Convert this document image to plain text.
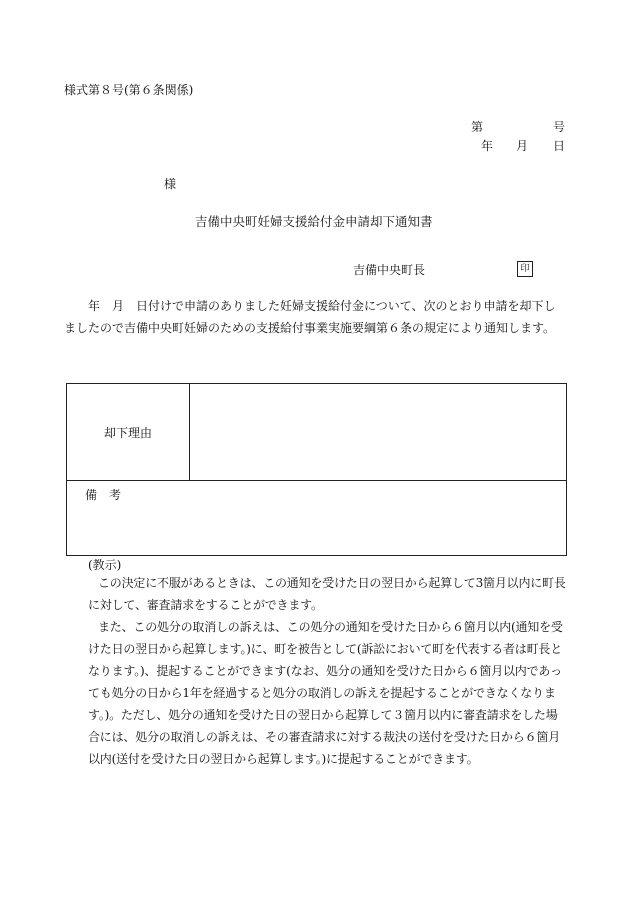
様式第８号(第６条関係)
第	号
年 月 日
様
吉備中央町妊婦支援給付金申請却下通知書
吉備中央町長	印

年　月　日付けで申請のありました妊婦支援給付金について、次のとおり申請を却下しましたので吉備中央町妊婦のための支援給付事業実施要綱第６条の規定により通知します。

却下理由	
備　考
(教示)

この決定に不服があるときは、この通知を受けた日の翌日から起算して3箇月以内に町長に対して、審査請求をすることができます。

また、この処分の取消しの訴えは、この処分の通知を受けた日から６箇月以内(通知を受けた日の翌日から起算します。)に、町を被告として(訴訟において町を代表する者は町長となります。)、提起することができます(なお、処分の通知を受けた日から６箇月以内であっても処分の日から1年を経過すると処分の取消しの訴えを提起することができなくなります。)。ただし、処分の通知を受けた日の翌日から起算して３箇月以内に審査請求をした場合には、処分の取消しの訴えは、その審査請求に対する裁決の送付を受けた日から６箇月以内(送付を受けた日の翌日から起算します。)に提起することができます。
